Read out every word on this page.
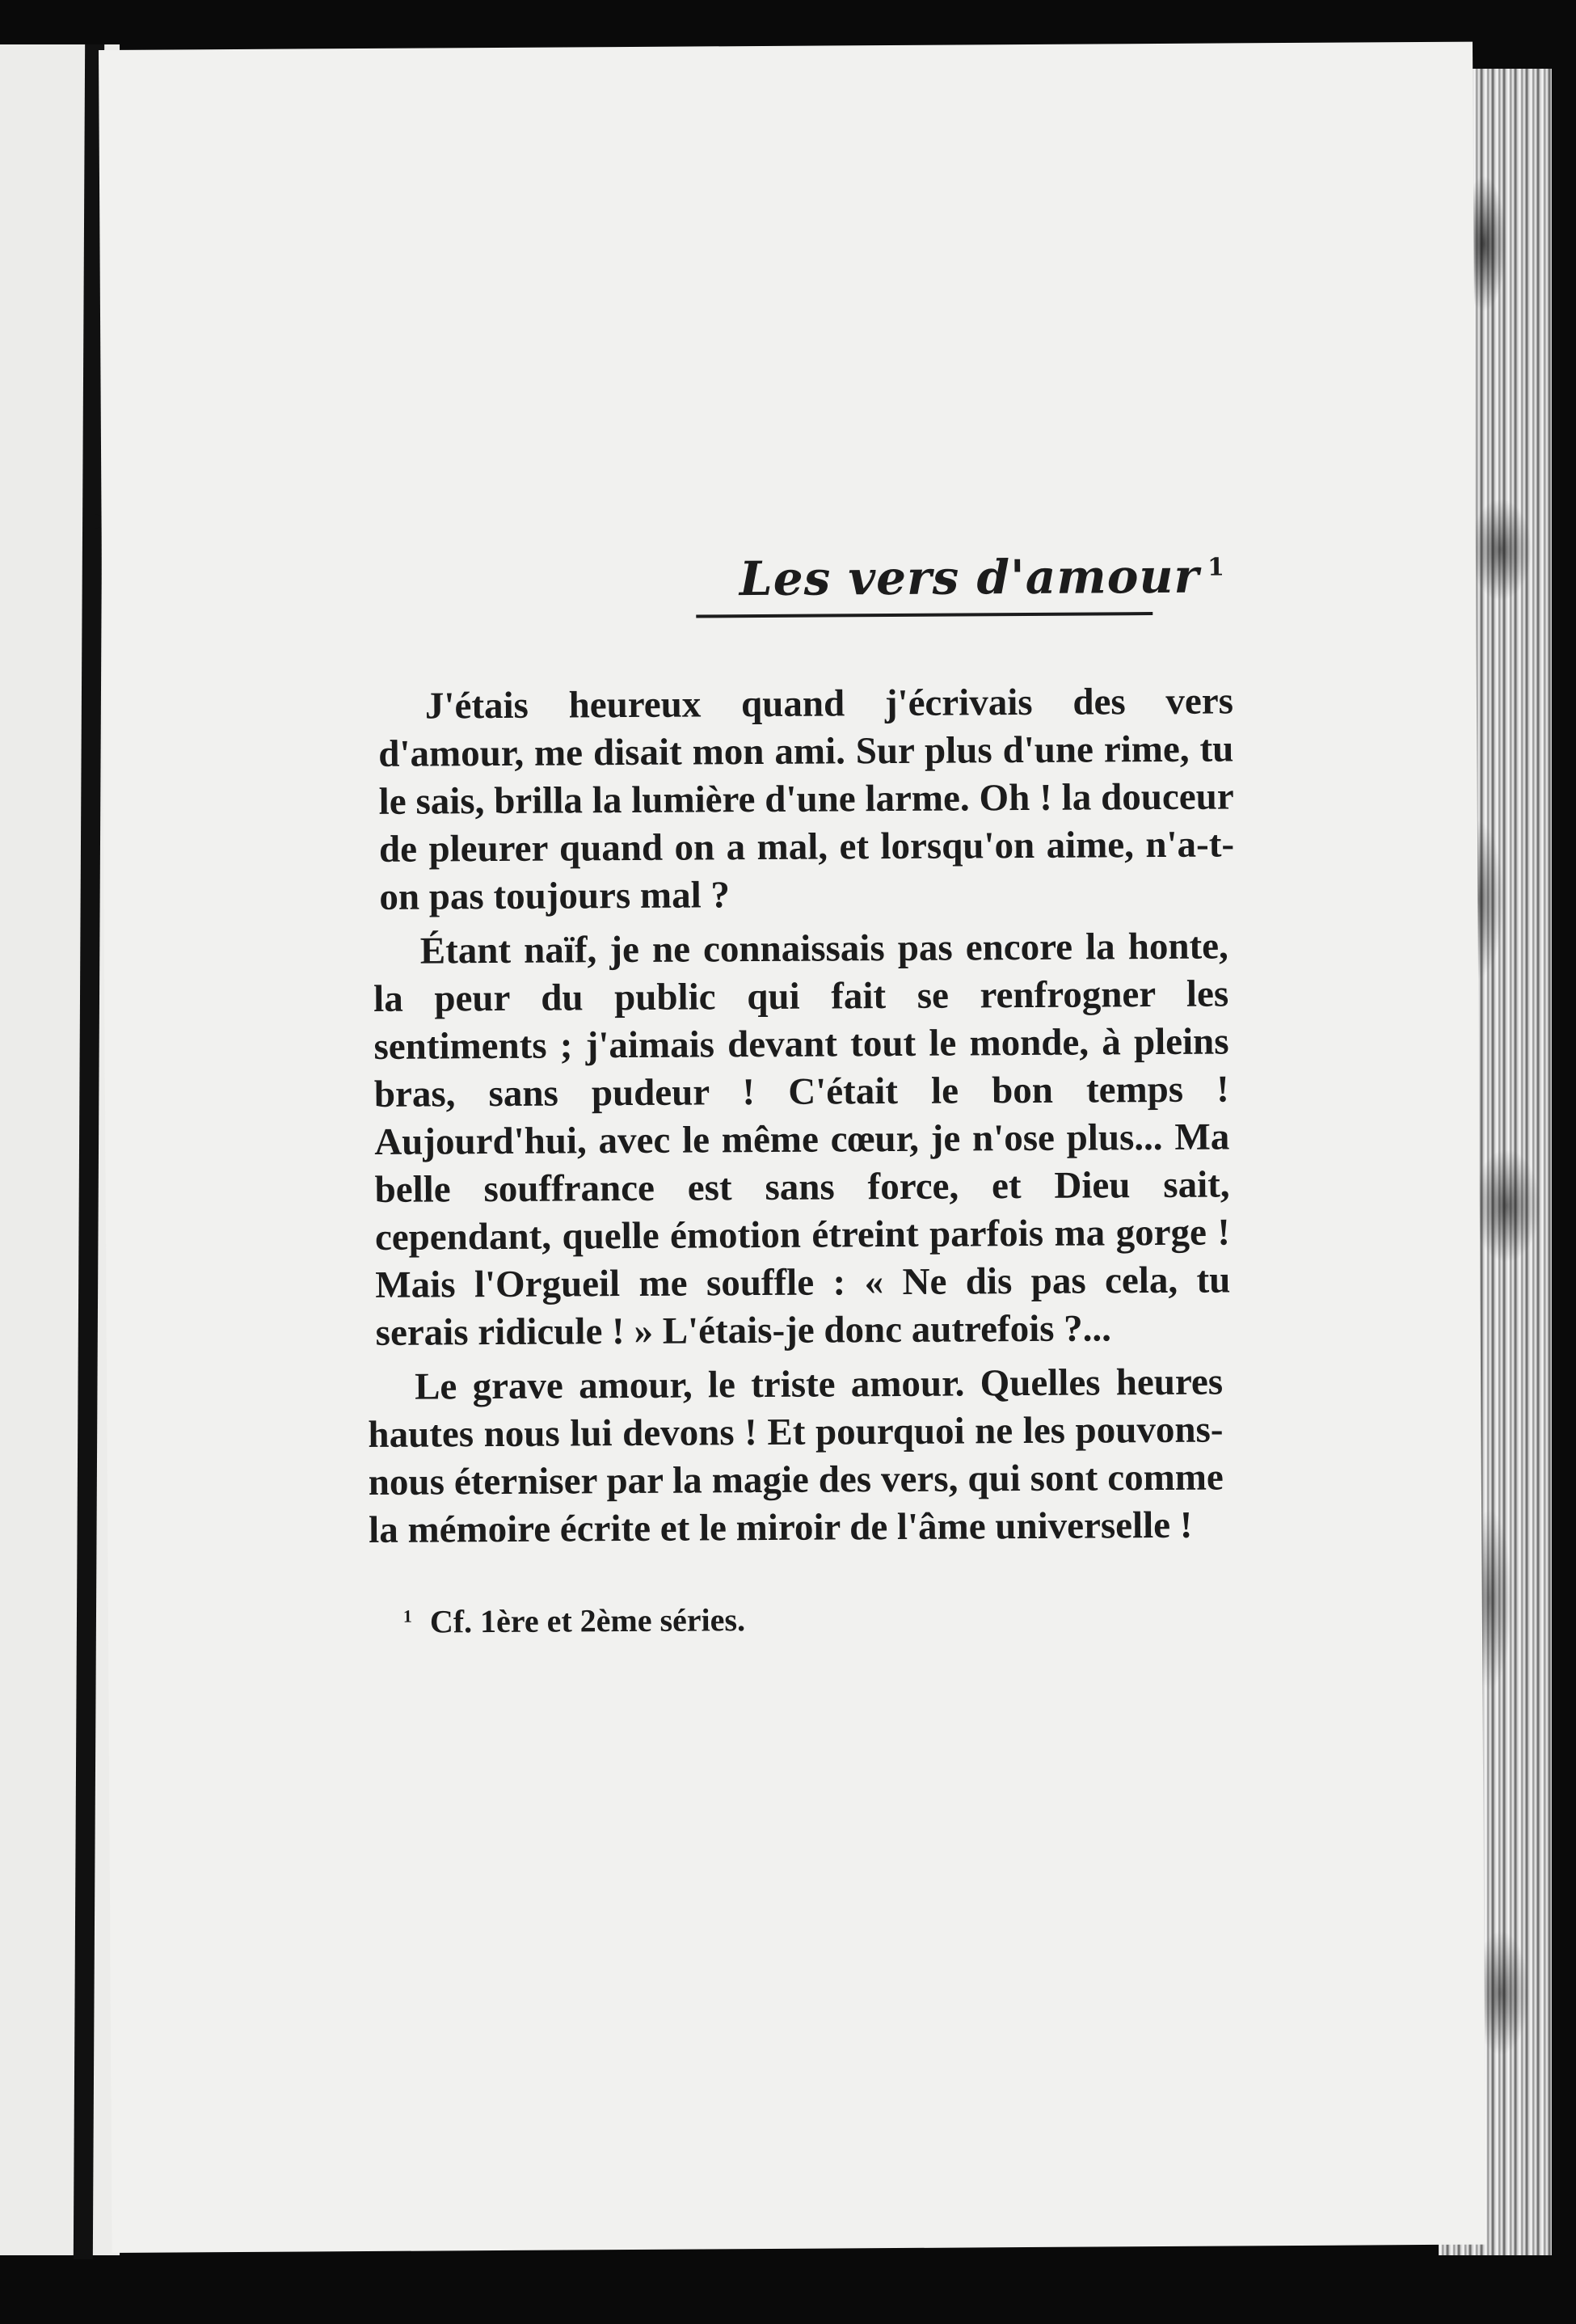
Les vers d'amour $^1$

J'étais heureux quand j'écrivais des vers d'amour, me disait mon ami. Sur plus d'une rime, tu le sais, brilla la lumière d'une larme. Oh ! la douceur de pleurer quand on a mal, et lorsqu'on aime, n'a-t-on pas toujours mal ?

Étant naïf, je ne connaissais pas encore la honte, la peur du public qui fait se renfrogner les sentiments ; j'aimais devant tout le monde, à pleins bras, sans pudeur ! C'était le bon temps ! Aujourd'hui, avec le même cœur, je n'ose plus... Ma belle souffrance est sans force, et Dieu sait, cependant, quelle émotion étreint parfois ma gorge ! Mais l'Orgueil me souffle : « Ne dis pas cela, tu serais ridicule ! » L'étais-je donc autrefois ?...

Le grave amour, le triste amour. Quelles heures hautes nous lui devons ! Et pourquoi ne les pouvons-nous éterniser par la magie des vers, qui sont comme la mémoire écrite et le miroir de l'âme universelle !

$^1$ Cf. 1ère et 2ème séries.
